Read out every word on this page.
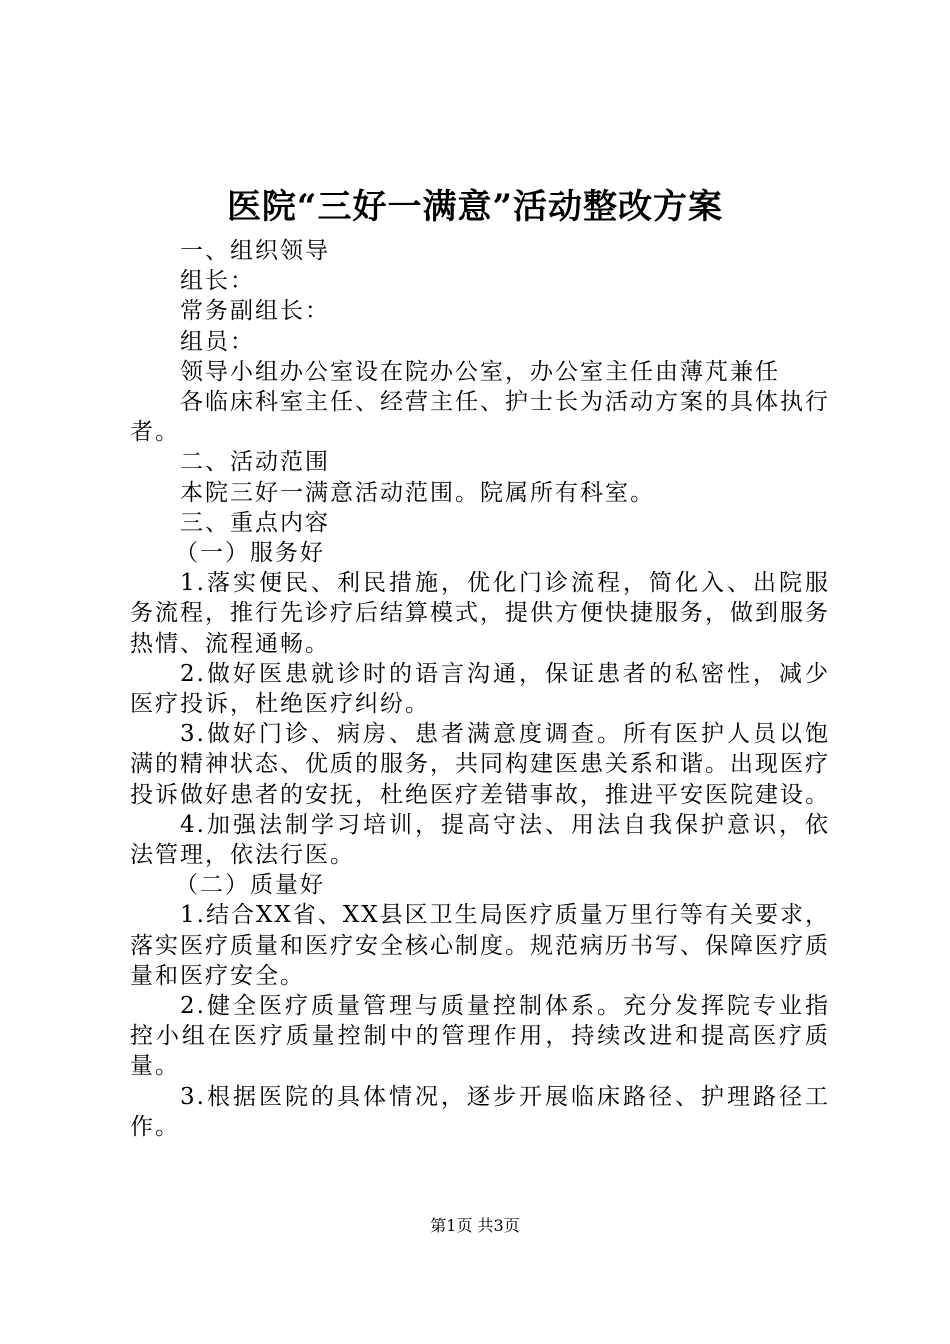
医院“三好一满意”活动整改方案

一、组织领导

组长：

常务副组长：

组员：

领导小组办公室设在院办公室，办公室主任由薄芃兼任

各临床科室主任、经营主任、护士长为活动方案的具体执行者。

二、活动范围

本院三好一满意活动范围。院属所有科室。

三、重点内容

（一）服务好

1.落实便民、利民措施，优化门诊流程，简化入、出院服务流程，推行先诊疗后结算模式，提供方便快捷服务，做到服务热情、流程通畅。

2.做好医患就诊时的语言沟通，保证患者的私密性，减少医疗投诉，杜绝医疗纠纷。

3.做好门诊、病房、患者满意度调查。所有医护人员以饱满的精神状态、优质的服务，共同构建医患关系和谐。出现医疗投诉做好患者的安抚，杜绝医疗差错事故，推进平安医院建设。

4.加强法制学习培训，提高守法、用法自我保护意识，依法管理，依法行医。

（二）质量好

1.结合XX省、XX县区卫生局医疗质量万里行等有关要求，落实医疗质量和医疗安全核心制度。规范病历书写、保障医疗质量和医疗安全。

2.健全医疗质量管理与质量控制体系。充分发挥院专业指控小组在医疗质量控制中的管理作用，持续改进和提高医疗质量。

3.根据医院的具体情况，逐步开展临床路径、护理路径工作。

第1页 共3页
